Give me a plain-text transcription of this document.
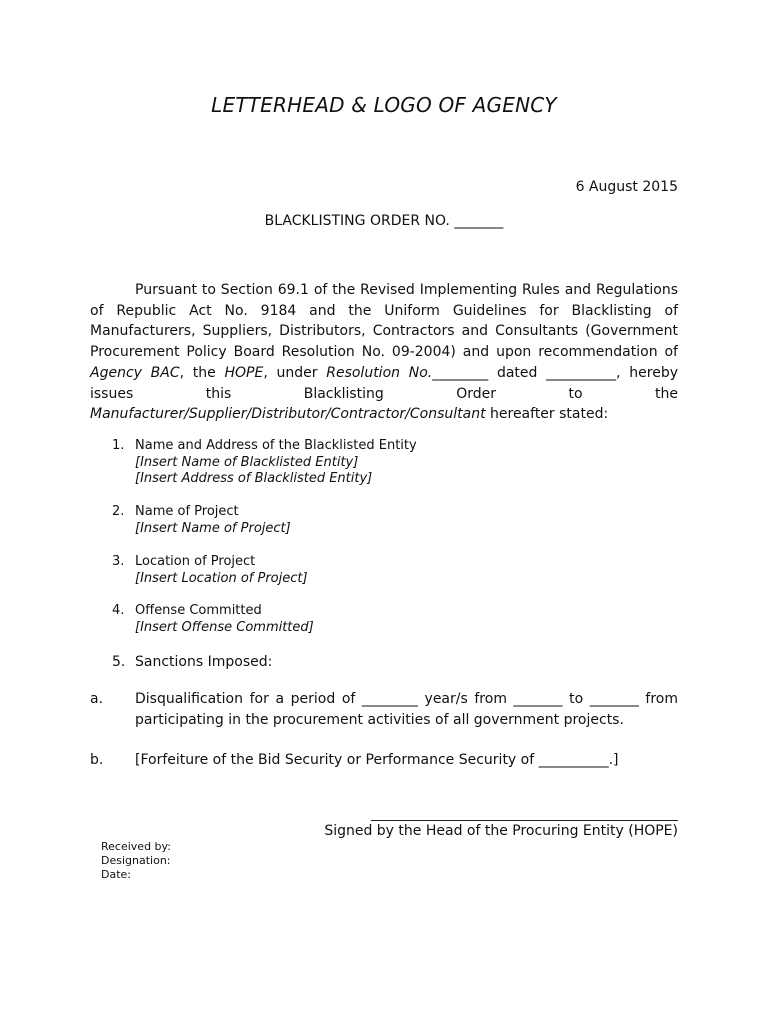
LETTERHEAD & LOGO OF AGENCY
6 August 2015
BLACKLISTING ORDER NO. _______

Pursuant to Section 69.1 of the Revised Implementing Rules and Regulations of Republic Act No. 9184 and the Uniform Guidelines for Blacklisting of Manufacturers, Suppliers, Distributors, Contractors and Consultants (Government Procurement Policy Board Resolution No. 09-2004) and upon recommendation of Agency BAC, the HOPE, under Resolution No.________ dated __________, hereby issues this Blacklisting Order to the Manufacturer/Supplier/Distributor/Contractor/Consultant hereafter stated:

1. Name and Address of the Blacklisted Entity
[Insert Name of Blacklisted Entity]
[Insert Address of Blacklisted Entity]
2. Name of Project
[Insert Name of Project]
3. Location of Project
[Insert Location of Project]
4. Offense Committed
[Insert Offense Committed]
5. Sanctions Imposed:
a. Disqualification for a period of ________ year/s from _______ to _______ from participating in the procurement activities of all government projects.
b. [Forfeiture of the Bid Security or Performance Security of __________.]
Signed by the Head of the Procuring Entity (HOPE)
Received by:
Designation:
Date:
